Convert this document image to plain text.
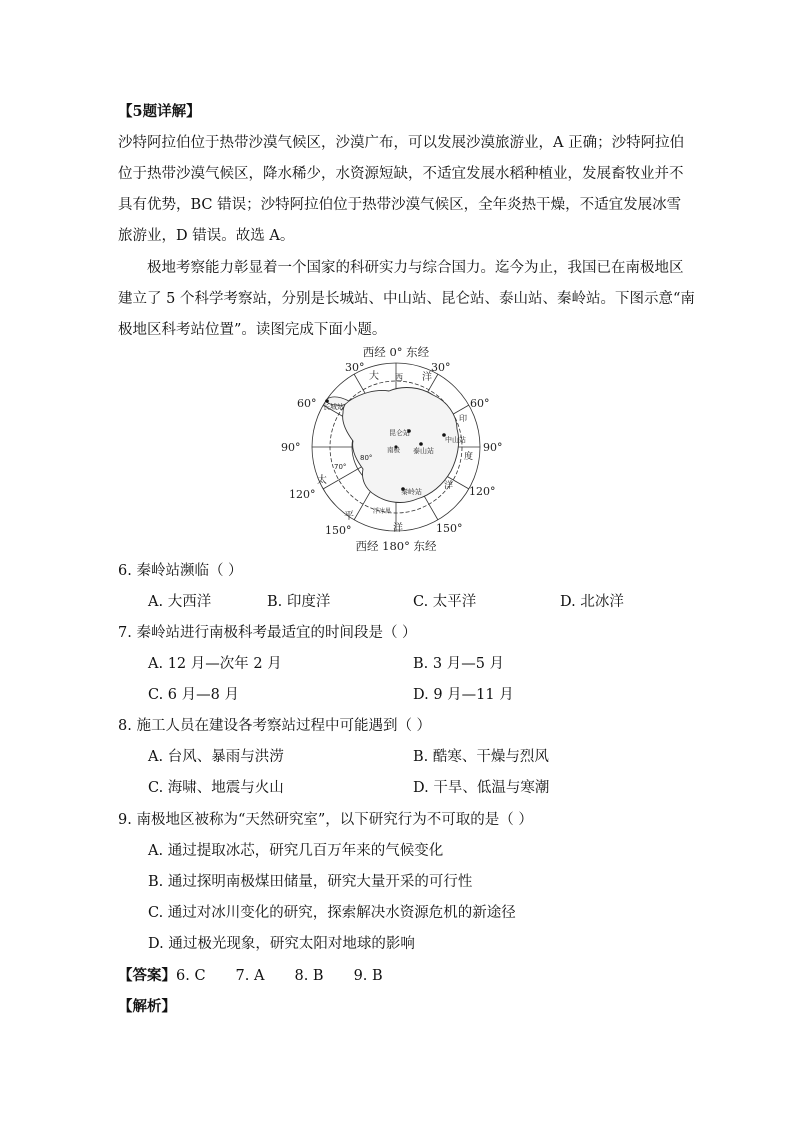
【5题详解】
沙特阿拉伯位于热带沙漠气候区，沙漠广布，可以发展沙漠旅游业，A 正确；沙特阿拉伯
位于热带沙漠气候区，降水稀少，水资源短缺，不适宜发展水稻种植业，发展畜牧业并不
具有优势，BC 错误；沙特阿拉伯位于热带沙漠气候区，全年炎热干燥，不适宜发展冰雪
旅游业，D 错误。故选 A。
极地考察能力彰显着一个国家的科研实力与综合国力。迄今为止，我国已在南极地区
建立了 5 个科学考察站，分别是长城站、中山站、昆仑站、泰山站、秦岭站。下图示意“南
极地区科考站位置”。读图完成下面小题。
西经 0° 东经
西经 180° 东经
30°	30°
60°	60°
90°	90°
120°	120°
150°	150°
大 西 洋
印
度
洋
太
平
洋
长城站
中山站
昆仑站
泰山站
秦岭站
南极
70°
80°
浮冰界
6. 秦岭站濒临（ ）
A. 大西洋	B. 印度洋	C. 太平洋	D. 北冰洋
7. 秦岭站进行南极科考最适宜的时间段是（ ）
A. 12 月—次年 2 月	B. 3 月—5 月
C. 6 月—8 月	D. 9 月—11 月
8. 施工人员在建设各考察站过程中可能遇到（ ）
A. 台风、暴雨与洪涝	B. 酷寒、干燥与烈风
C. 海啸、地震与火山	D. 干旱、低温与寒潮
9. 南极地区被称为“天然研究室”，以下研究行为不可取的是（ ）
A. 通过提取冰芯，研究几百万年来的气候变化
B. 通过探明南极煤田储量，研究大量开采的可行性
C. 通过对冰川变化的研究，探索解决水资源危机的新途径
D. 通过极光现象，研究太阳对地球的影响
【答案】6. C 7. A 8. B 9. B
【解析】
